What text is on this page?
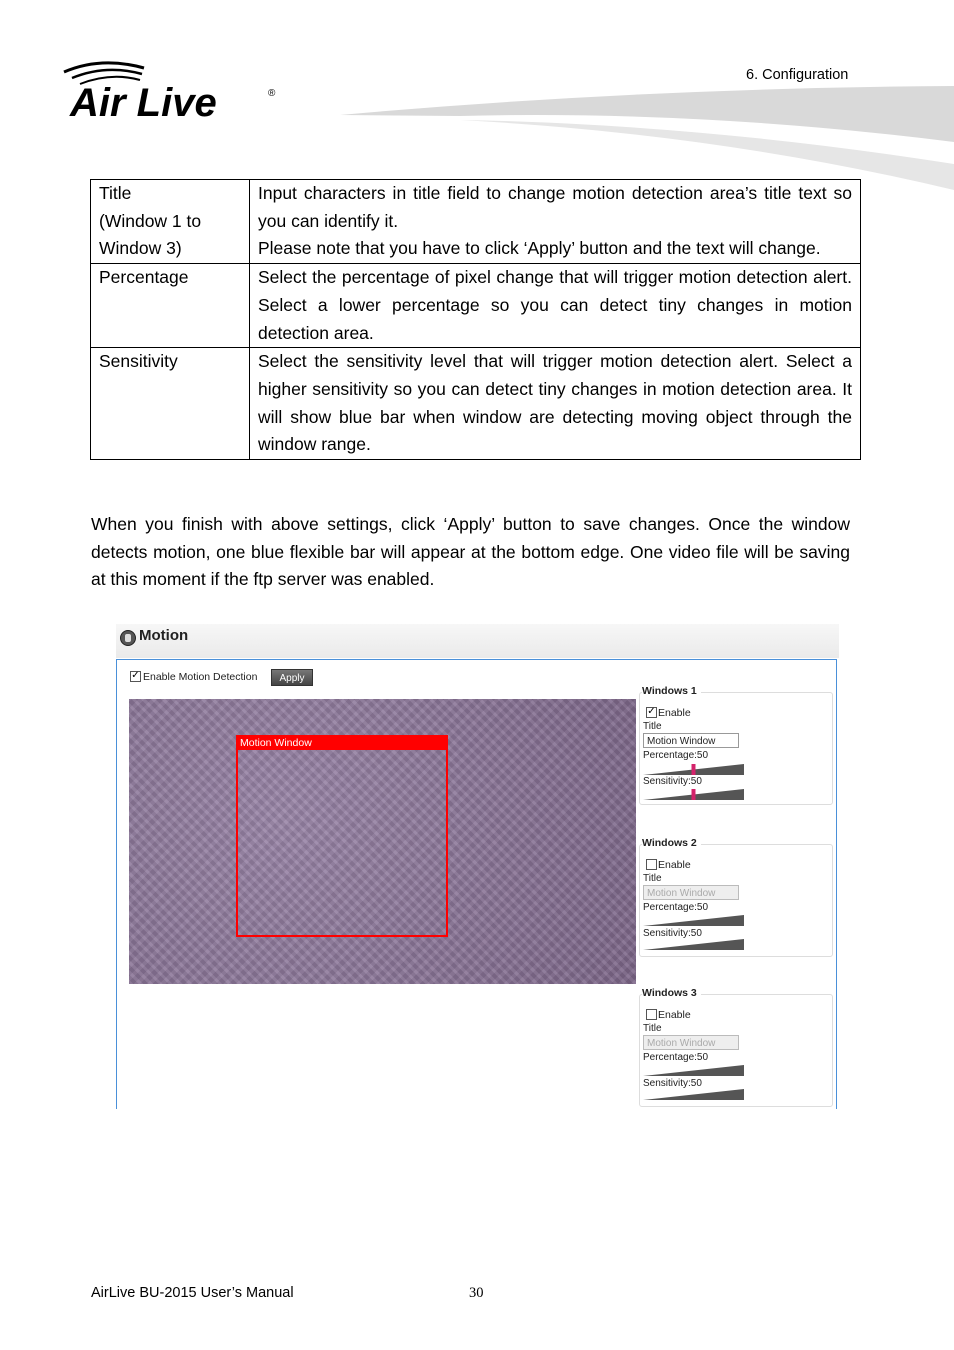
Air Live	®
6. Configuration
Title
(Window 1 to
Window 3)	Input characters in title field to change motion detection area’s title text so you can identify it.
Please note that you have to click ‘Apply’ button and the text will change.

Percentage	Select the percentage of pixel change that will trigger motion detection alert. Select a lower percentage so you can detect tiny changes in motion detection area.
Sensitivity	Select the sensitivity level that will trigger motion detection alert. Select a higher sensitivity so you can detect tiny changes in motion detection area. It will show blue bar when window are detecting moving object through the window range.
When you finish with above settings, click ‘Apply’ button to save changes. Once the window detects motion, one blue flexible bar will appear at the bottom edge. One video file will be saving at this moment if the ftp server was enabled.
Motion
✓ Enable Motion Detection	Apply
Motion Window
Windows 1
✓ Enable
Title
Motion Window
Percentage:50
Sensitivity:50
Windows 2
Enable
Title
Motion Window
Percentage:50
Sensitivity:50
Windows 3
Enable
Title
Motion Window
Percentage:50
Sensitivity:50
AirLive BU-2015 User’s Manual	30
